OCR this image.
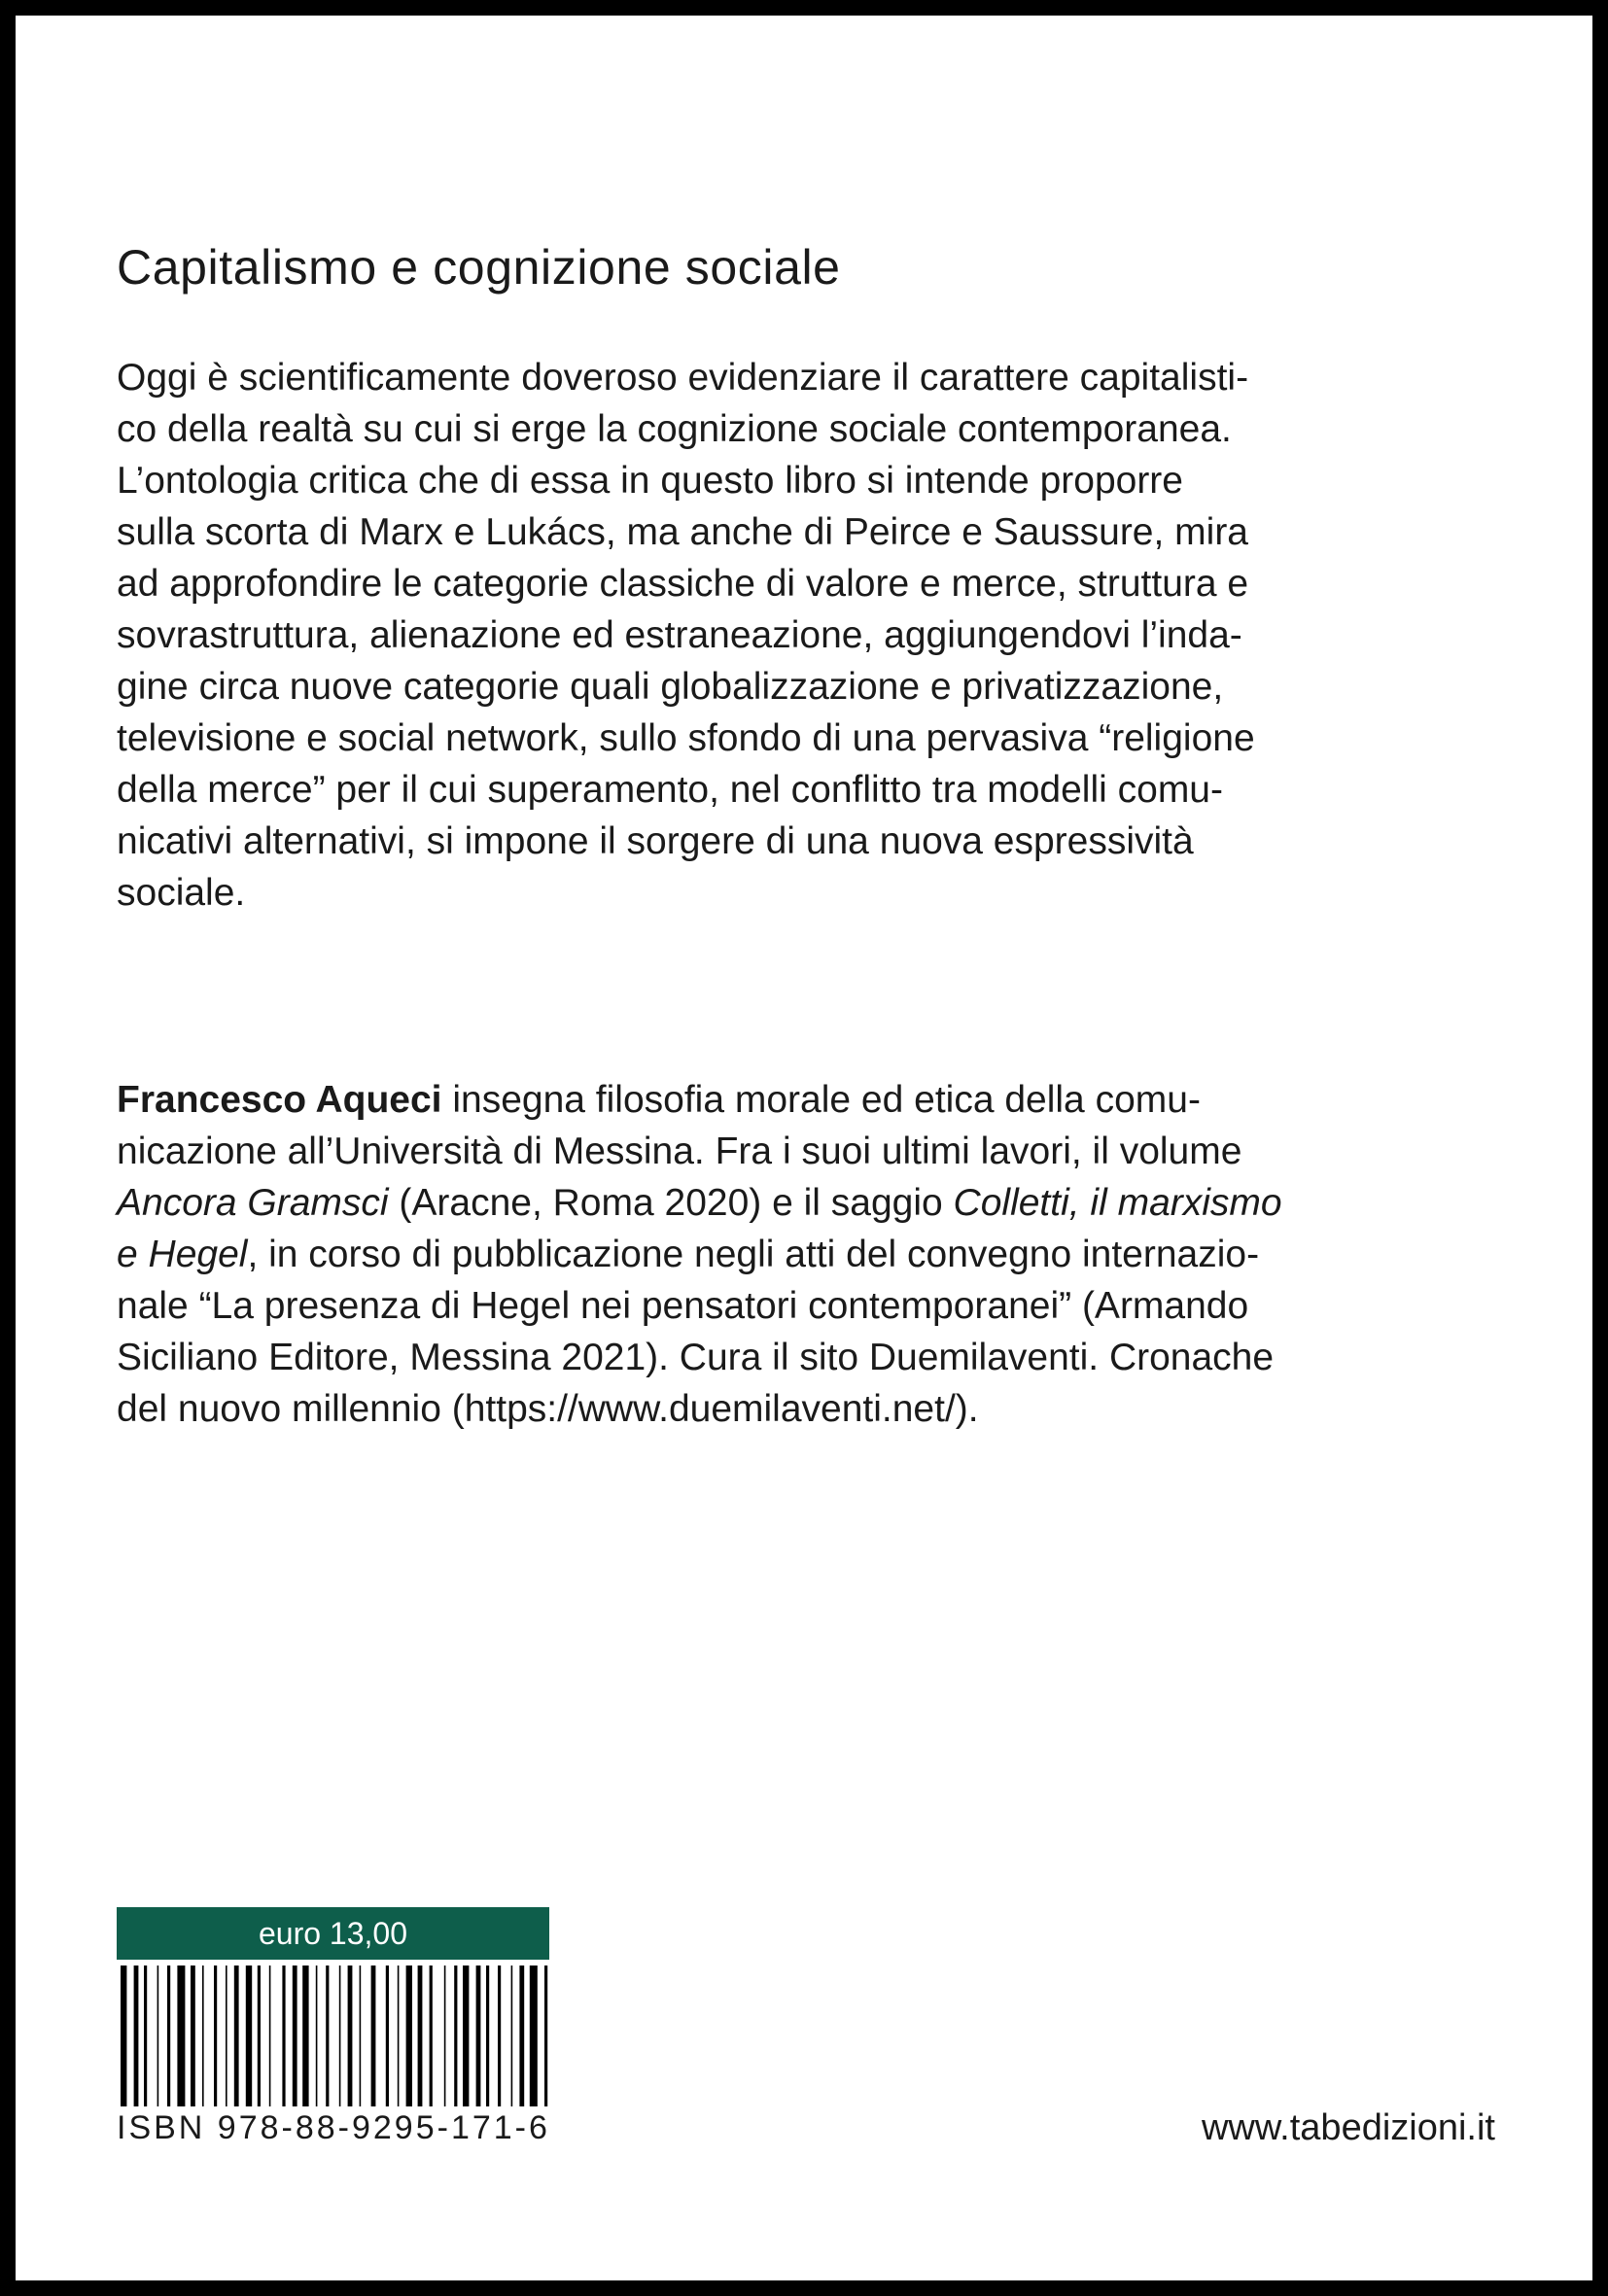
Capitalismo e cognizione sociale

Oggi è scientificamente doveroso evidenziare il carattere capitalisti-
co della realtà su cui si erge la cognizione sociale contemporanea.
L’ontologia critica che di essa in questo libro si intende proporre
sulla scorta di Marx e Lukács, ma anche di Peirce e Saussure, mira
ad approfondire le categorie classiche di valore e merce, struttura e
sovrastruttura, alienazione ed estraneazione, aggiungendovi l’inda-
gine circa nuove categorie quali globalizzazione e privatizzazione,
televisione e social network, sullo sfondo di una pervasiva “religione
della merce” per il cui superamento, nel conflitto tra modelli comu-
nicativi alternativi, si impone il sorgere di una nuova espressività
sociale.

Francesco Aqueci insegna filosofia morale ed etica della comu-
nicazione all’Università di Messina. Fra i suoi ultimi lavori, il volume
Ancora Gramsci (Aracne, Roma 2020) e il saggio Colletti, il marxismo
e Hegel, in corso di pubblicazione negli atti del convegno internazio-
nale “La presenza di Hegel nei pensatori contemporanei” (Armando
Siciliano Editore, Messina 2021). Cura il sito Duemilaventi. Cronache
del nuovo millennio (https://www.duemilaventi.net/).

euro 13,00
ISBN 978-88-9295-171-6	www.tabedizioni.it
